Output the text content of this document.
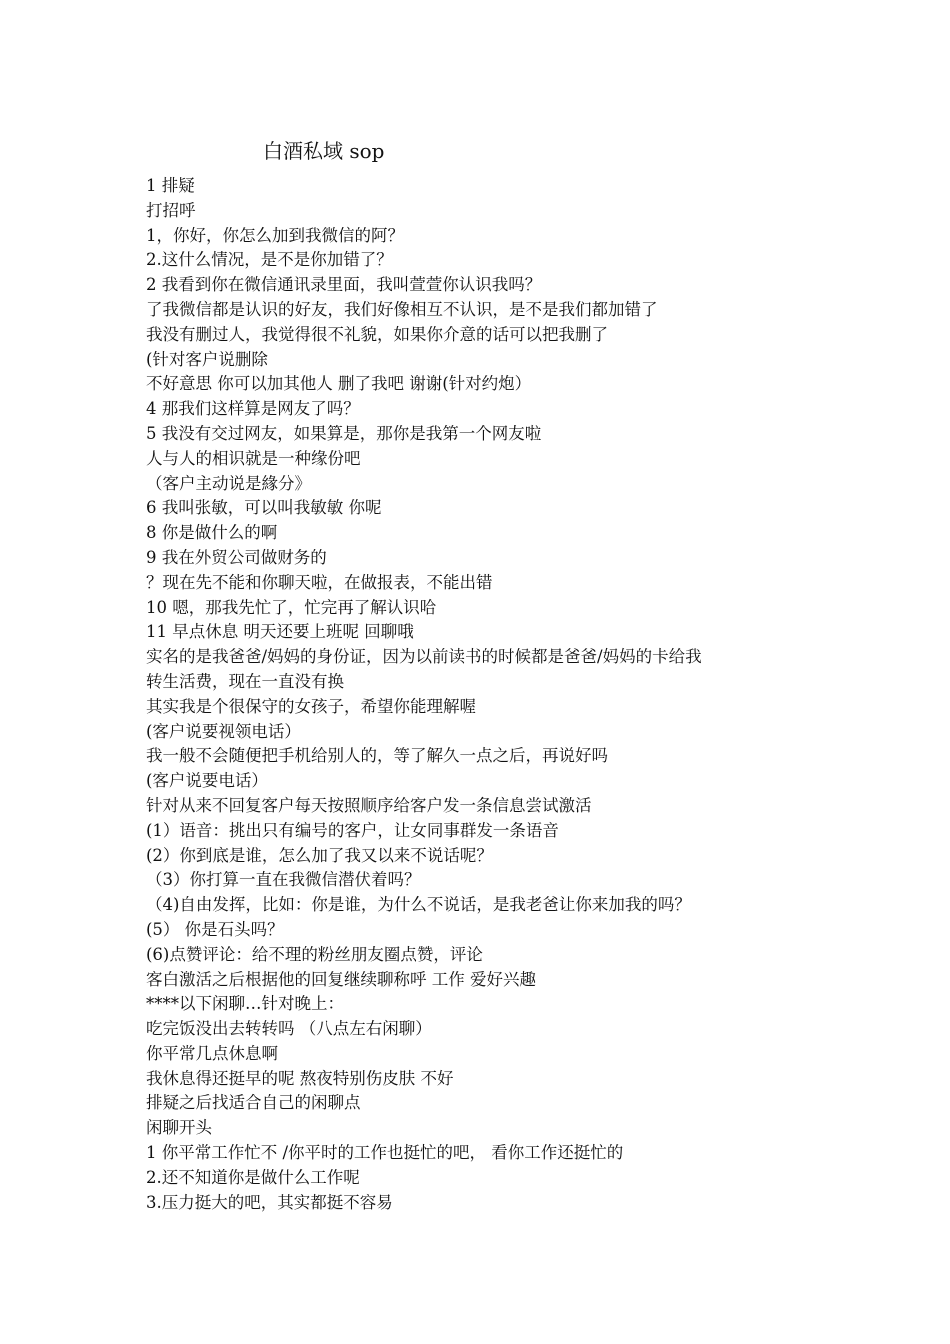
白酒私域 sop
1 排疑
打招呼
1，你好，你怎么加到我微信的阿？
2.这什么情况，是不是你加错了？
2 我看到你在微信通讯录里面，我叫萱萱你认识我吗？
了我微信都是认识的好友，我们好像相互不认识，是不是我们都加错了
我没有删过人，我觉得很不礼貌，如果你介意的话可以把我删了
(针对客户说删除
不好意思 你可以加其他人 删了我吧 谢谢(针对约炮）
4 那我们这样算是网友了吗？
5 我没有交过网友，如果算是，那你是我第一个网友啦
人与人的相识就是一种缘份吧
（客户主动说是緣分》
6 我叫张敏，可以叫我敏敏 你呢
8 你是做什么的啊
9 我在外贸公司做财务的
？现在先不能和你聊天啦，在做报表，不能出错
10 嗯，那我先忙了，忙完再了解认识哈
11 早点休息 明天还要上班呢 回聊哦
实名的是我爸爸/妈妈的身份证，因为以前读书的时候都是爸爸/妈妈的卡给我
转生活费，现在一直没有换
其实我是个很保守的女孩子，希望你能理解喔
(客户说要视领电话）
我一般不会随便把手机给别人的，等了解久一点之后，再说好吗
(客户说要电话）
针对从来不回复客户每天按照顺序给客户发一条信息尝试激活
(1）语音：挑出只有编号的客户，让女同事群发一条语音
(2）你到底是谁，怎么加了我又以来不说话呢？
（3）你打算一直在我微信潜伏着吗？
（4)自由发挥，比如：你是谁，为什么不说话，是我老爸让你来加我的吗？
(5） 你是石头吗？
(6)点赞评论：给不理的粉丝朋友圈点赞，评论
客白激活之后根据他的回复继续聊称呼 工作 爱好兴趣
****以下闲聊…针对晚上：
吃完饭没出去转转吗 （八点左右闲聊）
你平常几点休息啊
我休息得还挺早的呢 熬夜特别伤皮肤 不好
排疑之后找适合自己的闲聊点
闲聊开头
1 你平常工作忙不 /你平时的工作也挺忙的吧， 看你工作还挺忙的
2.还不知道你是做什么工作呢
3.压力挺大的吧，其实都挺不容易
